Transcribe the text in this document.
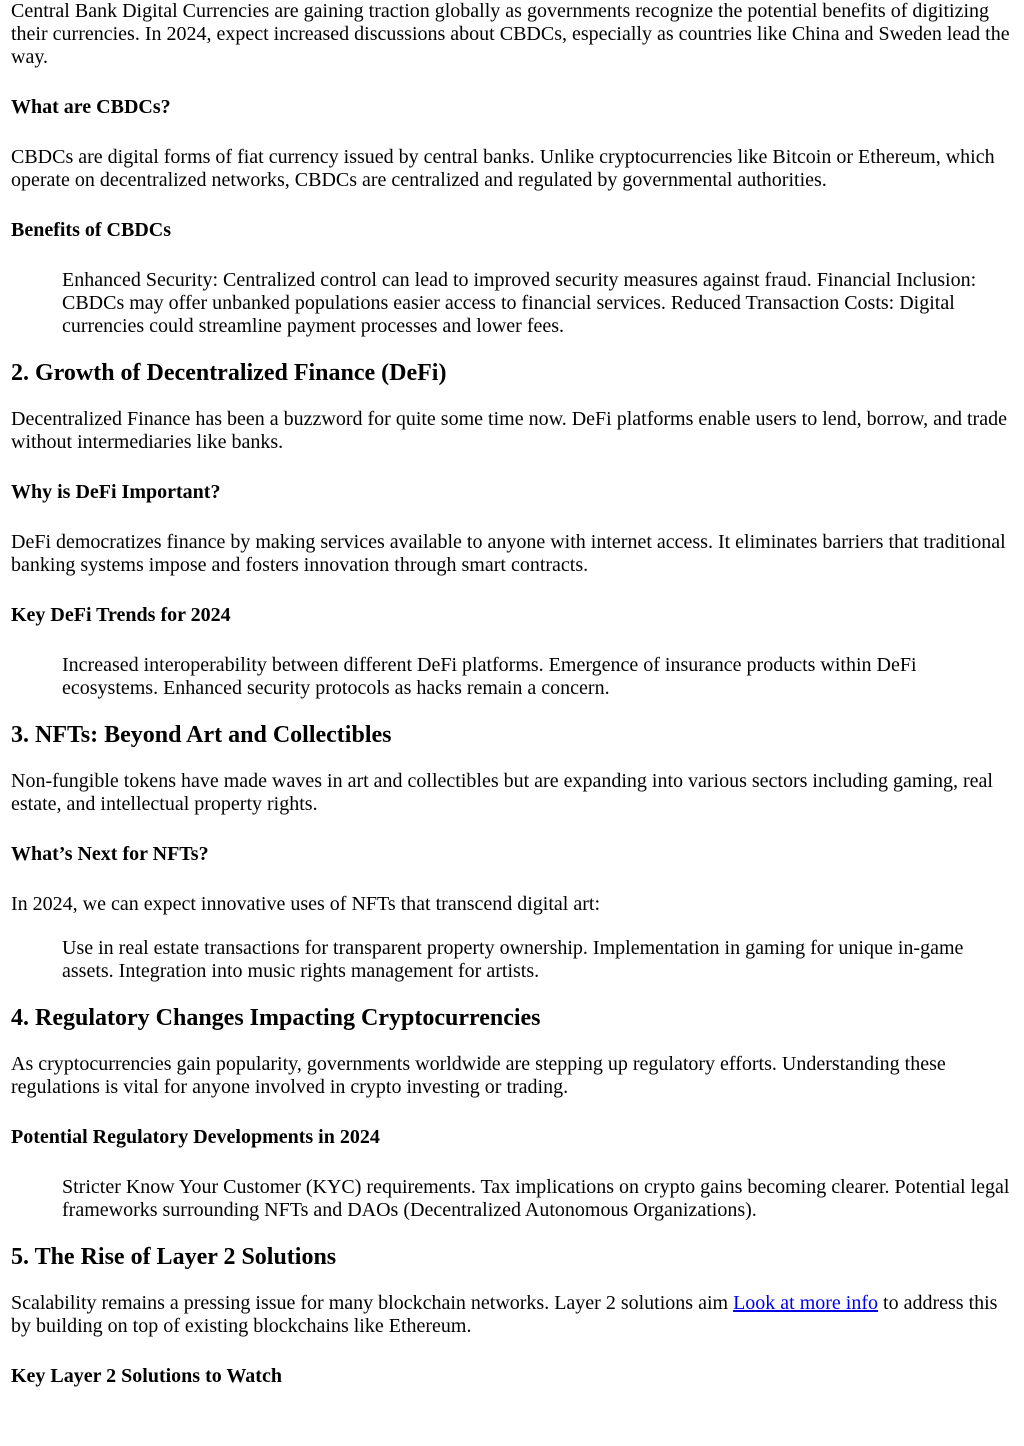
Central Bank Digital Currencies are gaining traction globally as governments recognize the potential benefits of digitizing their currencies. In 2024, expect increased discussions about CBDCs, especially as countries like China and Sweden lead the way.

What are CBDCs?

CBDCs are digital forms of fiat currency issued by central banks. Unlike cryptocurrencies like Bitcoin or Ethereum, which operate on decentralized networks, CBDCs are centralized and regulated by governmental authorities.

Benefits of CBDCs
Enhanced Security: Centralized control can lead to improved security measures against fraud. Financial Inclusion: CBDCs may offer unbanked populations easier access to financial services. Reduced Transaction Costs: Digital currencies could streamline payment processes and lower fees.
2. Growth of Decentralized Finance (DeFi)

Decentralized Finance has been a buzzword for quite some time now. DeFi platforms enable users to lend, borrow, and trade without intermediaries like banks.

Why is DeFi Important?

DeFi democratizes finance by making services available to anyone with internet access. It eliminates barriers that traditional banking systems impose and fosters innovation through smart contracts.

Key DeFi Trends for 2024
Increased interoperability between different DeFi platforms. Emergence of insurance products within DeFi ecosystems. Enhanced security protocols as hacks remain a concern.
3. NFTs: Beyond Art and Collectibles

Non-fungible tokens have made waves in art and collectibles but are expanding into various sectors including gaming, real estate, and intellectual property rights.

What’s Next for NFTs?

In 2024, we can expect innovative uses of NFTs that transcend digital art:

Use in real estate transactions for transparent property ownership. Implementation in gaming for unique in-game assets. Integration into music rights management for artists.
4. Regulatory Changes Impacting Cryptocurrencies

As cryptocurrencies gain popularity, governments worldwide are stepping up regulatory efforts. Understanding these regulations is vital for anyone involved in crypto investing or trading.

Potential Regulatory Developments in 2024
Stricter Know Your Customer (KYC) requirements. Tax implications on crypto gains becoming clearer. Potential legal frameworks surrounding NFTs and DAOs (Decentralized Autonomous Organizations).
5. The Rise of Layer 2 Solutions

Scalability remains a pressing issue for many blockchain networks. Layer 2 solutions aim Look at more info to address this by building on top of existing blockchains like Ethereum.

Key Layer 2 Solutions to Watch
